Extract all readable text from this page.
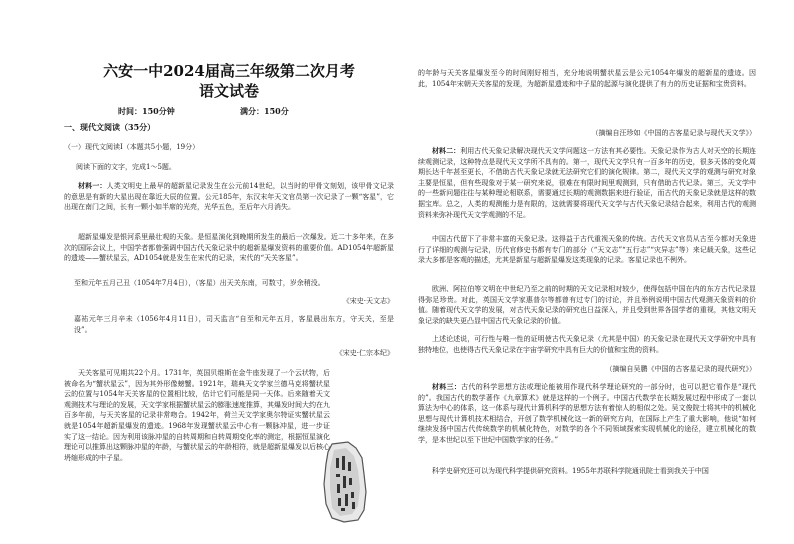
六安一中2024届高三年级第二次月考
语文试卷
时间：150分钟	满分：150分
一、现代文阅读（35分）
（一）现代文阅读Ⅰ（本题共5小题，19分）
阅读下面的文字，完成1～5题。
材料一：人类文明史上最早的超新星记录发生在公元前14世纪，以当时的甲骨文刻划，该甲骨文记录的意思是有新的大星出现在靠近大辰的位置。公元185年，东汉末年天文官员第一次记录了一颗“客星”，它出现在南门之间，长有一颗小如半席的光亮，光华五色，至后年六月消失。
超新星爆发是银河系里最壮观的天象。是恒星演化到晚期所发生的最后一次爆发。近二十多年来，在多次的国际会议上，中国学者都曾强调中国古代天象记录中的超新星爆发资料的重要价值。AD1054年超新星的遗迹——蟹状星云，AD1054就是发生在宋代的记录，宋代的“天关客星”。
至和元年五月己丑（1054年7月4日），（客星）出天关东南，可数寸，岁余稍没。
《宋史·天文志》
嘉祐元年三月辛未（1056年4月11日），司天监言“自至和元年五月，客星晨出东方，守天关，至是没”。
《宋史·仁宗本纪》
天关客星可见期共22个月。1731年，英国贝维斯在金牛座发现了一个云状物，后被命名为“蟹状星云”，因为其外形像螃蟹。1921年，瑞典天文学家兰德马克将蟹状星云的位置与1054年天关客星的位置相比较，估计它们可能是同一天体。后来随着天文观测技术与理论的发展，天文学家根据蟹状星云的膨胀速度推算，其爆发时间大约在九百多年前，与天关客星的记录非常吻合。1942年，荷兰天文学家奥尔特证实蟹状星云就是1054年超新星爆发的遗迹。1968年发现蟹状星云中心有一颗脉冲星，进一步证实了这一结论。因为利用该脉冲星的自转周期和自转周期变化率的测定，根据恒星演化理论可以推算出这颗脉冲星的年龄，与蟹状星云的年龄相符，就是超新星爆发以后核心坍缩形成的中子星。
的年龄与天关客星爆发至今的时间刚好相当，充分地说明蟹状星云是公元1054年爆发的超新星的遗迹。因此，1054年宋朝天关客星的发现，为超新星遗迹和中子星的起源与演化提供了有力的历史证据和宝贵资料。
（摘编自汪珍如《中国的古客星记录与现代天文学》）
材料二：利用古代天象记录解决现代天文学问题这一方法有其必要性。天象记录作为古人对天空的长期连续观测记录，这种特点是现代天文学所不具有的。第一，现代天文学只有一百多年的历史，很多天体的变化周期长达千年甚至更长，不借助古代天象记录就无法研究它们的演化规律。第二，现代天文学的观测与研究对象主要是恒星，但有些现象对于某一研究来说，很难在有限时间里观测到，只有借助古代记录。第三，天文学中的一些新问题往往与某种理论相联系，需要通过长期的观测数据来进行验证，而古代的天象记录就是这样的数据宝库。总之，人类的观测能力是有限的，这就需要将现代天文学与古代天象记录结合起来，利用古代的观测资料来弥补现代天文学观测的不足。
中国古代留下了非常丰富的天象记录。这得益于古代重视天象的传统。古代天文官员从古至今都对天象进行了详细的观测与记录，历代官修史书都有专门的部分（“天文志”“五行志”“灾异志”等）来记载天象，这些记录大多都是客观的描述，尤其是新星与超新星爆发这类现象的记录。客星记录也不例外。
欧洲、阿拉伯等文明在中世纪乃至之前的时期的天文记录相对较少，使得包括中国在内的东方古代记录显得弥足珍贵。对此，英国天文学家惠普尔等都曾有过专门的讨论，并且举例说明中国古代观测天象资料的价值。随着现代天文学的发展，对古代天象记录的研究也日益深入，并且受到世界各国学者的重视，其他文明天象记录的缺失更凸显中国古代天象记录的价值。
上述论述说，可行性与唯一性的证明使古代天象记录（尤其是中国）的天象记录在现代天文学研究中具有独特地位，也使得古代天象记录在宇宙学研究中具有巨大的价值和宝贵的资料。
（摘编自吴鹏《中国的古客星记录的现代研究》）
材料三：古代的科学思想方法或理论能被用作现代科学理论研究的一部分时，也可以把它看作是“现代的”。我国古代的数学著作《九章算术》就是这样的一个例子。中国古代数学在长期发展过程中形成了一套以算法为中心的体系，这一体系与现代计算机科学的思想方法有着惊人的相似之处。吴文俊院士将其中的机械化思想与现代计算机技术相结合，开创了数学机械化这一新的研究方向，在国际上产生了重大影响，他说“如何继续发扬中国古代传统数学的机械化特色，对数学的各个不同领域探索实现机械化的途径，建立机械化的数学，是本世纪以至下世纪中国数学家的任务。”
科学史研究还可以为现代科学提供研究资料。1955年苏联科学院通讯院士看到我关于中国
